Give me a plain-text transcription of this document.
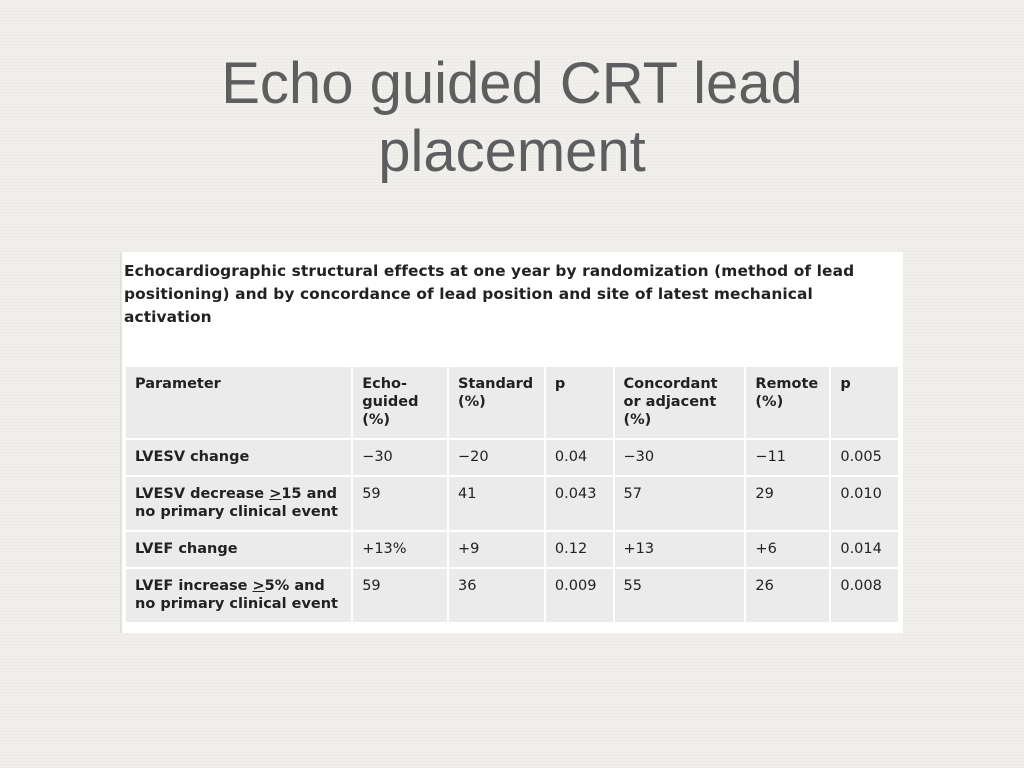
Echo guided CRT lead
placement

Echocardiographic structural effects at one year by randomization (method of lead positioning) and by concordance of lead position and site of latest mechanical activation

Parameter	Echo-guided (%)	Standard (%)	p	Concordant or adjacent (%)	Remote (%)	p
LVESV change	−30	−20	0.04	−30	−11	0.005
LVESV decrease ≥15 and no primary clinical event	59	41	0.043	57	29	0.010
LVEF change	+13%	+9	0.12	+13	+6	0.014
LVEF increase ≥5% and no primary clinical event	59	36	0.009	55	26	0.008
